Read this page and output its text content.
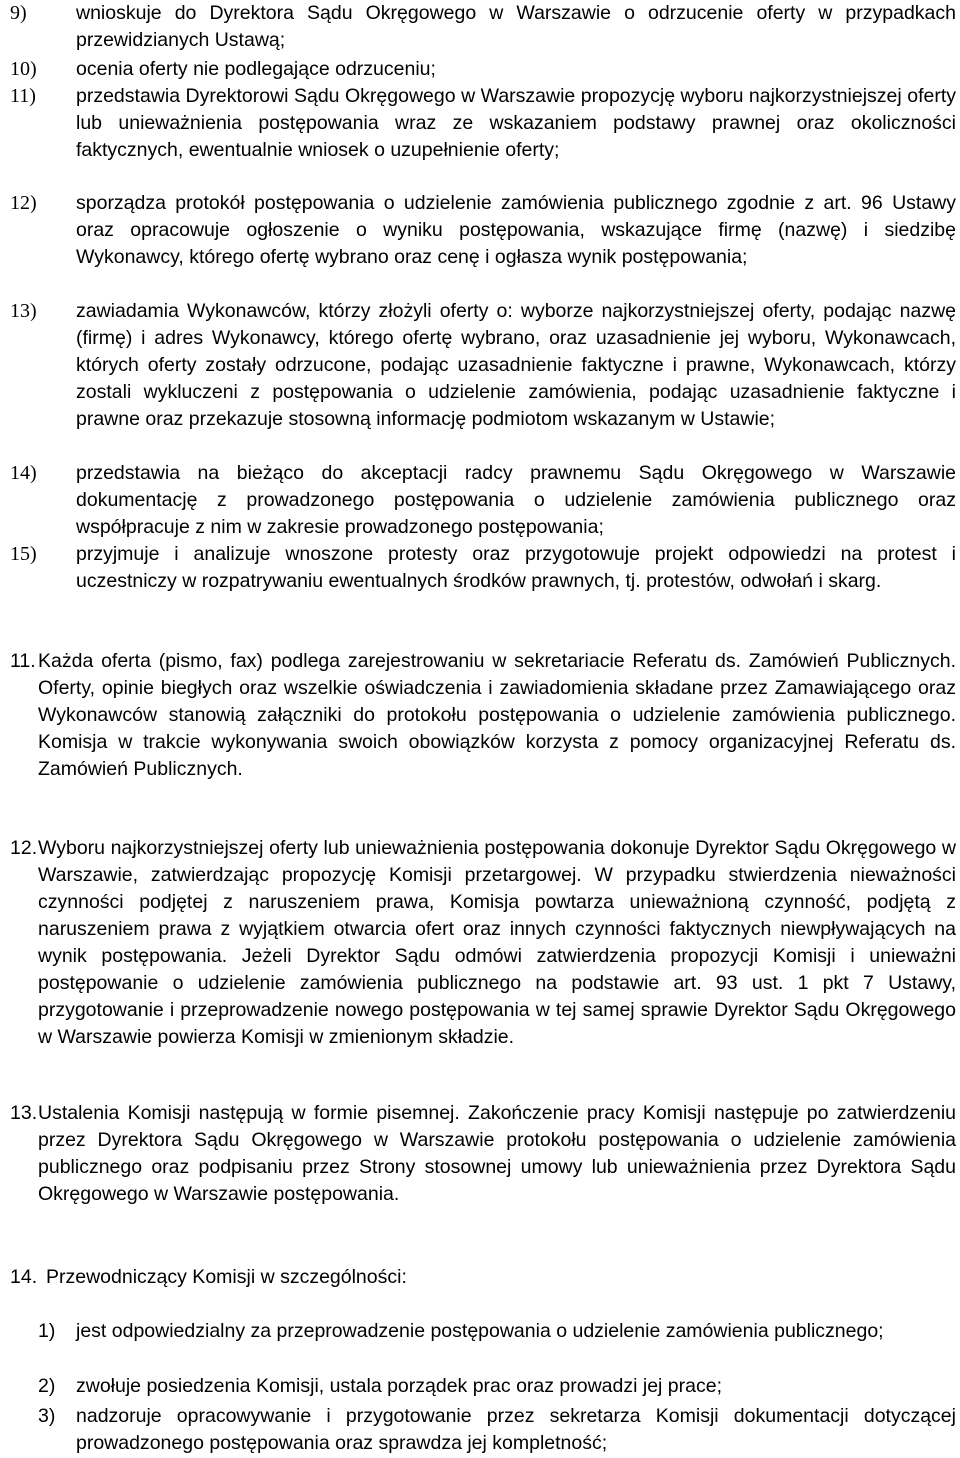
9)	wnioskuje do Dyrektora Sądu Okręgowego w Warszawie o odrzucenie oferty w przypadkach przewidzianych Ustawą;
10) ocenia oferty nie podlegające odrzuceniu;
11) przedstawia Dyrektorowi Sądu Okręgowego w Warszawie propozycję wyboru najkorzystniejszej oferty lub unieważnienia postępowania wraz ze wskazaniem podstawy prawnej oraz okoliczności faktycznych, ewentualnie wniosek o uzupełnienie oferty;
12) sporządza protokół postępowania o udzielenie zamówienia publicznego zgodnie z art. 96 Ustawy oraz opracowuje ogłoszenie o wyniku postępowania, wskazujące firmę (nazwę) i siedzibę Wykonawcy, którego ofertę wybrano oraz cenę i ogłasza wynik postępowania;
13) zawiadamia Wykonawców, którzy złożyli oferty o: wyborze najkorzystniejszej oferty, podając nazwę (firmę) i adres Wykonawcy, którego ofertę wybrano, oraz uzasadnienie jej wyboru, Wykonawcach, których oferty zostały odrzucone, podając uzasadnienie faktyczne i prawne, Wykonawcach, którzy zostali wykluczeni z postępowania o udzielenie zamówienia, podając uzasadnienie faktyczne i prawne oraz przekazuje stosowną informację podmiotom wskazanym w Ustawie;
14) przedstawia na bieżąco do akceptacji radcy prawnemu Sądu Okręgowego w Warszawie dokumentację z prowadzonego postępowania o udzielenie zamówienia publicznego oraz współpracuje z nim w zakresie prowadzonego postępowania;
15) przyjmuje i analizuje wnoszone protesty oraz przygotowuje projekt odpowiedzi na protest i uczestniczy w rozpatrywaniu ewentualnych środków prawnych, tj. protestów, odwołań i skarg.
11. Każda oferta (pismo, fax) podlega zarejestrowaniu w sekretariacie Referatu ds. Zamówień Publicznych. Oferty, opinie biegłych oraz wszelkie oświadczenia i zawiadomienia składane przez Zamawiającego oraz Wykonawców stanowią załączniki do protokołu postępowania o udzielenie zamówienia publicznego. Komisja w trakcie wykonywania swoich obowiązków korzysta z pomocy organizacyjnej Referatu ds. Zamówień Publicznych.
12. Wyboru najkorzystniejszej oferty lub unieważnienia postępowania dokonuje Dyrektor Sądu Okręgowego w Warszawie, zatwierdzając propozycję Komisji przetargowej. W przypadku stwierdzenia nieważności czynności podjętej z naruszeniem prawa, Komisja powtarza unieważnioną czynność, podjętą z naruszeniem prawa z wyjątkiem otwarcia ofert oraz innych czynności faktycznych niewpływających na wynik postępowania. Jeżeli Dyrektor Sądu odmówi zatwierdzenia propozycji Komisji i unieważni postępowanie o udzielenie zamówienia publicznego na podstawie art. 93 ust. 1 pkt 7 Ustawy, przygotowanie i przeprowadzenie nowego postępowania w tej samej sprawie Dyrektor Sądu Okręgowego w Warszawie powierza Komisji w zmienionym składzie.
13. Ustalenia Komisji następują w formie pisemnej. Zakończenie pracy Komisji następuje po zatwierdzeniu przez Dyrektora Sądu Okręgowego w Warszawie protokołu postępowania o udzielenie zamówienia publicznego oraz podpisaniu przez Strony stosownej umowy lub unieważnienia przez Dyrektora Sądu Okręgowego w Warszawie postępowania.
14. Przewodniczący Komisji w szczególności:
1) jest odpowiedzialny za przeprowadzenie postępowania o udzielenie zamówienia publicznego;
2) zwołuje posiedzenia Komisji, ustala porządek prac oraz prowadzi jej prace;
3) nadzoruje opracowywanie i przygotowanie przez sekretarza Komisji dokumentacji dotyczącej prowadzonego postępowania oraz sprawdza jej kompletność;
